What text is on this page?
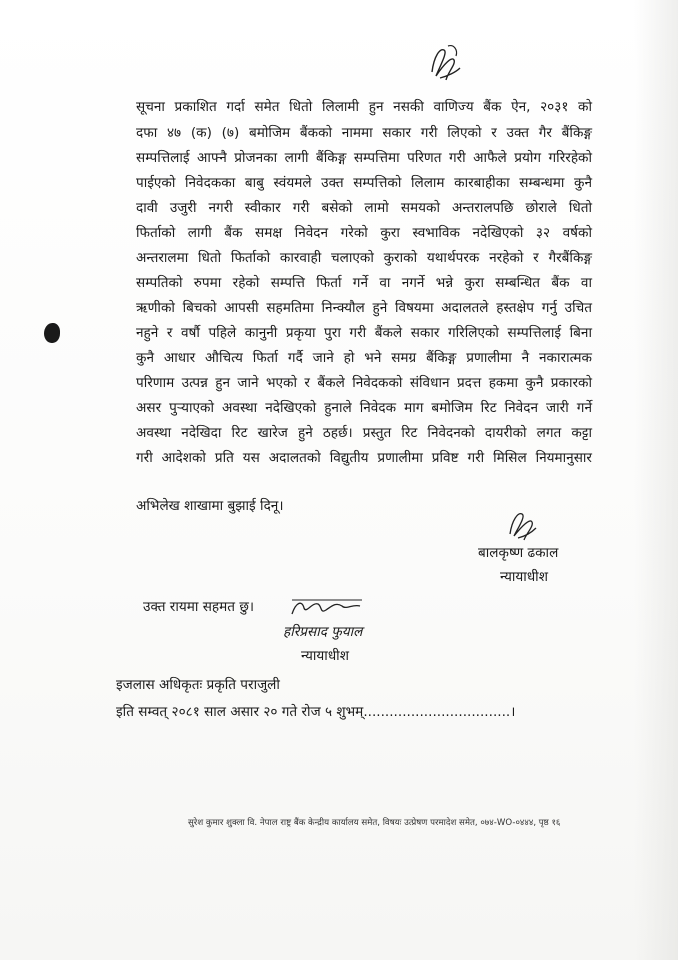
सूचना प्रकाशित गर्दा समेत धितो लिलामी हुन नसकी वाणिज्य बैंक ऐन, २०३१ को

दफा ४७ (क) (७) बमोजिम बैंकको नाममा सकार गरी लिएको र उक्त गैर बैंकिङ्ग

सम्पत्तिलाई आफ्नै प्रोजनका लागी बैंकिङ्ग सम्पत्तिमा परिणत गरी आफैले प्रयोग गरिरहेको

पाईएको निवेदकका बाबु स्वंयमले उक्त सम्पत्तिको लिलाम कारबाहीका सम्बन्धमा कुनै

दावी उजुरी नगरी स्वीकार गरी बसेको लामो समयको अन्तरालपछि छोराले धितो

फिर्ताको लागी बैंक समक्ष निवेदन गरेको कुरा स्वभाविक नदेखिएको ३२ वर्षको

अन्तरालमा धितो फिर्ताको कारवाही चलाएको कुराको यथार्थपरक नरहेको र गैरबैंकिङ्ग

सम्पतिको रुपमा रहेको सम्पत्ति फिर्ता गर्ने वा नगर्ने भन्ने कुरा सम्बन्धित बैंक वा

ऋणीको बिचको आपसी सहमतिमा निन्क्यौल हुने विषयमा अदालतले हस्तक्षेप गर्नु उचित

नहुने र वर्षौ पहिले कानुनी प्रकृया पुरा गरी बैंकले सकार गरिलिएको सम्पत्तिलाई बिना

कुनै आधार औचित्य फिर्ता गर्दै जाने हो भने समग्र बैंकिङ्ग प्रणालीमा नै नकारात्मक

परिणाम उत्पन्न हुन जाने भएको र बैंकले निवेदकको संविधान प्रदत्त हकमा कुनै प्रकारको

असर पुऱ्याएको अवस्था नदेखिएको हुनाले निवेदक माग बमोजिम रिट निवेदन जारी गर्ने

अवस्था नदेखिदा रिट खारेज हुने ठहर्छ। प्रस्तुत रिट निवेदनको दायरीको लगत कट्टा

गरी आदेशको प्रति यस अदालतको विद्युतीय प्रणालीमा प्रविष्ट गरी मिसिल नियमानुसार

अभिलेख शाखामा बुझाई दिनू।

बालकृष्ण ढकाल

न्यायाधीश

उक्त रायमा सहमत छु।

हरिप्रसाद फुयाल

न्यायाधीश

इजलास अधिकृतः प्रकृति पराजुली

इति सम्वत् २०८१ साल असार २० गते रोज ५ शुभम्..................................।

सुरेश कुमार शुक्ला वि. नेपाल राष्ट्र बैंक केन्द्रीय कार्यालय समेत, विषयः उत्प्रेषण परमादेश समेत, ०७४-WO-०४४४, पृष्ठ १६
